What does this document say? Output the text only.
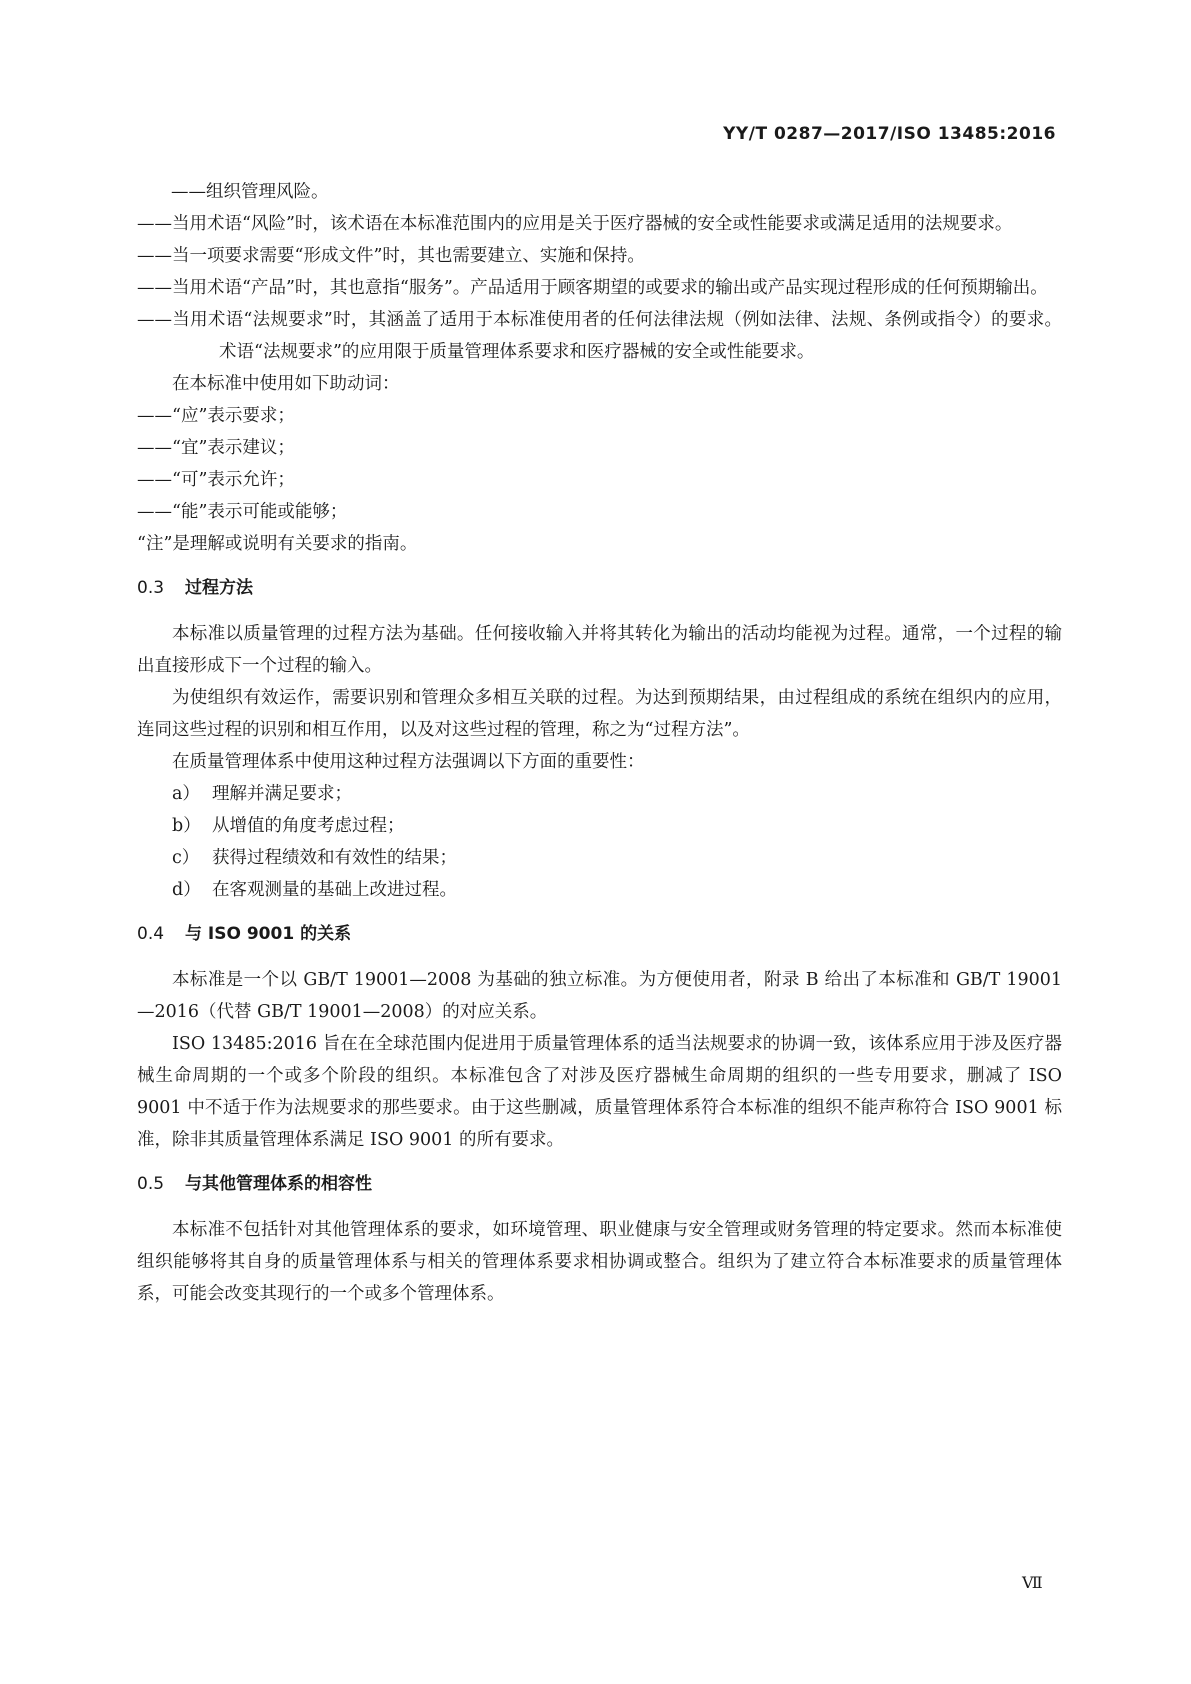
YY/T 0287—2017/ISO 13485:2016

——组织管理风险。

——当用术语“风险”时，该术语在本标准范围内的应用是关于医疗器械的安全或性能要求或满足适用的法规要求。

——当一项要求需要“形成文件”时，其也需要建立、实施和保持。

——当用术语“产品”时，其也意指“服务”。产品适用于顾客期望的或要求的输出或产品实现过程形成的任何预期输出。

——当用术语“法规要求”时，其涵盖了适用于本标准使用者的任何法律法规（例如法律、法规、条例或指令）的要求。术语“法规要求”的应用限于质量管理体系要求和医疗器械的安全或性能要求。

在本标准中使用如下助动词：

——“应”表示要求；

——“宜”表示建议；

——“可”表示允许；

——“能”表示可能或能够；

“注”是理解或说明有关要求的指南。

0.3 过程方法

本标准以质量管理的过程方法为基础。任何接收输入并将其转化为输出的活动均能视为过程。通常，一个过程的输出直接形成下一个过程的输入。

为使组织有效运作，需要识别和管理众多相互关联的过程。为达到预期结果，由过程组成的系统在组织内的应用，连同这些过程的识别和相互作用，以及对这些过程的管理，称之为“过程方法”。

在质量管理体系中使用这种过程方法强调以下方面的重要性：

a） 理解并满足要求；

b） 从增值的角度考虑过程；

c） 获得过程绩效和有效性的结果；

d） 在客观测量的基础上改进过程。

0.4 与 ISO 9001 的关系

本标准是一个以 GB/T 19001—2008 为基础的独立标准。为方便使用者，附录 B 给出了本标准和 GB/T 19001—2016（代替 GB/T 19001—2008）的对应关系。

ISO 13485:2016 旨在在全球范围内促进用于质量管理体系的适当法规要求的协调一致，该体系应用于涉及医疗器械生命周期的一个或多个阶段的组织。本标准包含了对涉及医疗器械生命周期的组织的一些专用要求，删减了 ISO 9001 中不适于作为法规要求的那些要求。由于这些删减，质量管理体系符合本标准的组织不能声称符合 ISO 9001 标准，除非其质量管理体系满足 ISO 9001 的所有要求。

0.5 与其他管理体系的相容性

本标准不包括针对其他管理体系的要求，如环境管理、职业健康与安全管理或财务管理的特定要求。然而本标准使组织能够将其自身的质量管理体系与相关的管理体系要求相协调或整合。组织为了建立符合本标准要求的质量管理体系，可能会改变其现行的一个或多个管理体系。

Ⅶ
